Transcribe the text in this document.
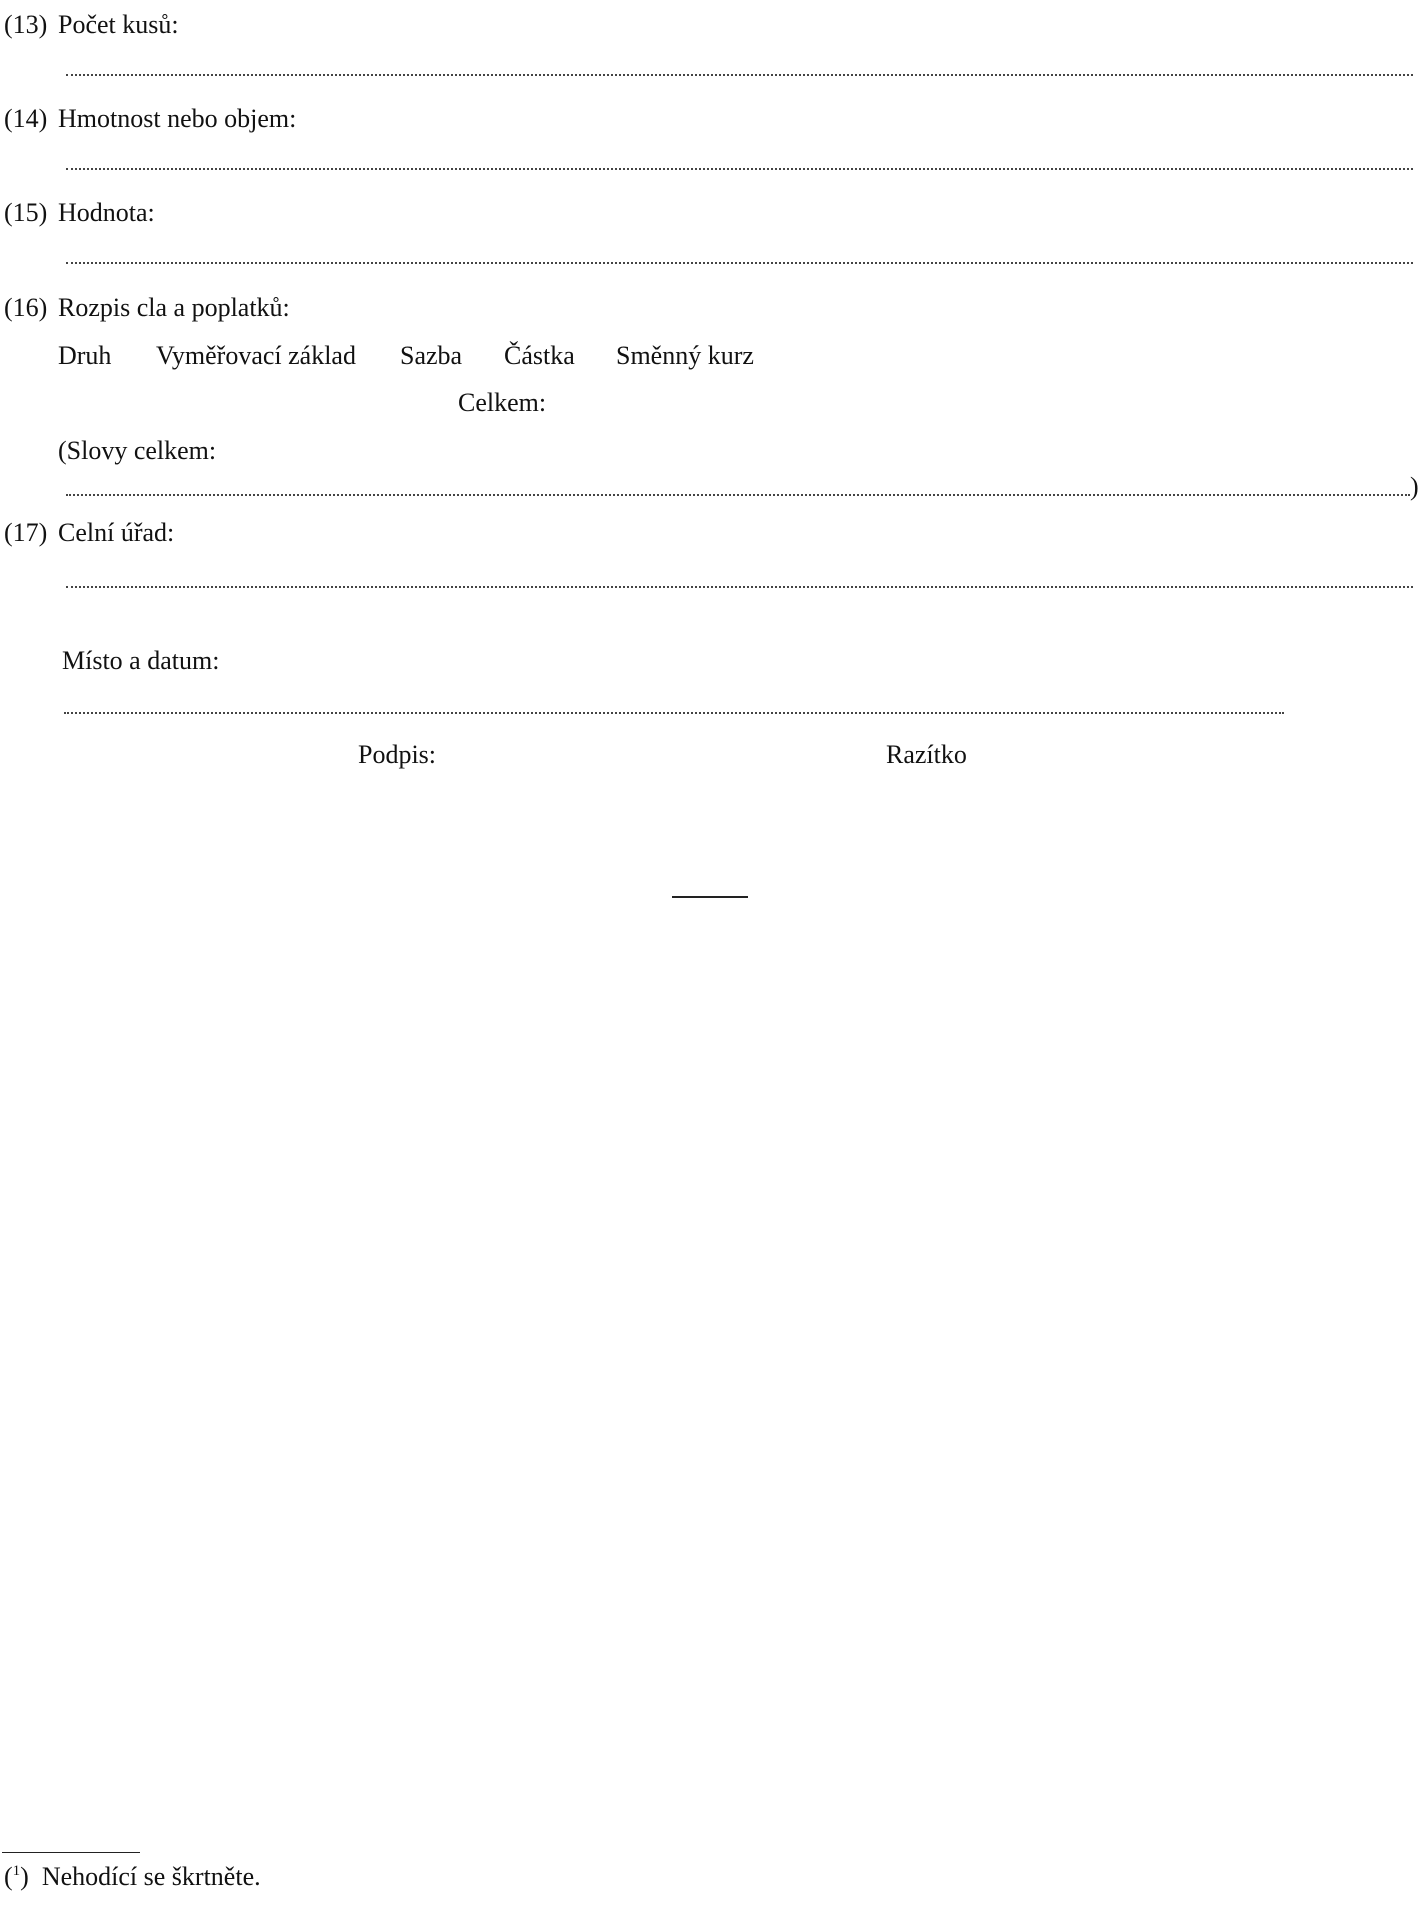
(13) Počet kusů:
(14) Hmotnost nebo objem:
(15) Hodnota:
(16) Rozpis cla a poplatků:
Druh Vyměřovací základ Sazba Částka Směnný kurz
Celkem:
(Slovy celkem:
)
(17) Celní úřad:
Místo a datum:
Podpis:	Razítko
($^1$) Nehodící se škrtněte.
